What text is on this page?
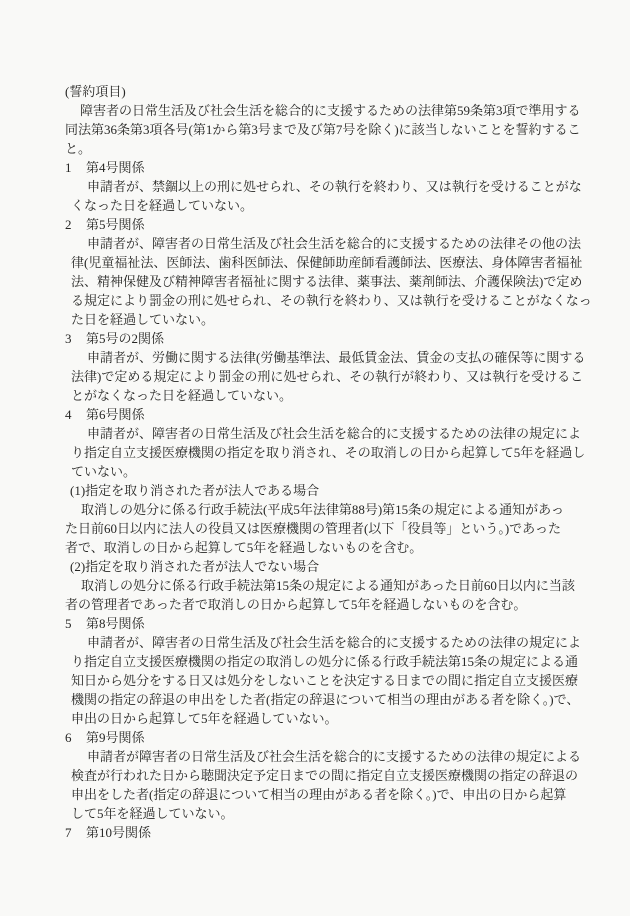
(誓約項目)
障害者の日常生活及び社会生活を総合的に支援するための法律第59条第3項で準用する
同法第36条第3項各号(第1から第3号まで及び第7号を除く)に該当しないことを誓約するこ
と。
1 第4号関係
申請者が、禁錮以上の刑に処せられ、その執行を終わり、又は執行を受けることがな
くなった日を経過していない。
2 第5号関係
申請者が、障害者の日常生活及び社会生活を総合的に支援するための法律その他の法
律(児童福祉法、医師法、歯科医師法、保健師助産師看護師法、医療法、身体障害者福祉
法、精神保健及び精神障害者福祉に関する法律、薬事法、薬剤師法、介護保険法)で定め
る規定により罰金の刑に処せられ、その執行を終わり、又は執行を受けることがなくなっ
た日を経過していない。
3 第5号の2関係
申請者が、労働に関する法律(労働基準法、最低賃金法、賃金の支払の確保等に関する
法律)で定める規定により罰金の刑に処せられ、その執行が終わり、又は執行を受けるこ
とがなくなった日を経過していない。
4 第6号関係
申請者が、障害者の日常生活及び社会生活を総合的に支援するための法律の規定によ
り指定自立支援医療機関の指定を取り消され、その取消しの日から起算して5年を経過し
ていない。
(1)指定を取り消された者が法人である場合
取消しの処分に係る行政手続法(平成5年法律第88号)第15条の規定による通知があっ
た日前60日以内に法人の役員又は医療機関の管理者(以下「役員等」という。)であった
者で、取消しの日から起算して5年を経過しないものを含む。
(2)指定を取り消された者が法人でない場合
取消しの処分に係る行政手続法第15条の規定による通知があった日前60日以内に当該
者の管理者であった者で取消しの日から起算して5年を経過しないものを含む。
5 第8号関係
申請者が、障害者の日常生活及び社会生活を総合的に支援するための法律の規定によ
り指定自立支援医療機関の指定の取消しの処分に係る行政手続法第15条の規定による通
知日から処分をする日又は処分をしないことを決定する日までの間に指定自立支援医療
機関の指定の辞退の申出をした者(指定の辞退について相当の理由がある者を除く。)で、
申出の日から起算して5年を経過していない。
6 第9号関係
申請者が障害者の日常生活及び社会生活を総合的に支援するための法律の規定による
検査が行われた日から聴聞決定予定日までの間に指定自立支援医療機関の指定の辞退の
申出をした者(指定の辞退について相当の理由がある者を除く。)で、申出の日から起算
して5年を経過していない。
7 第10号関係
